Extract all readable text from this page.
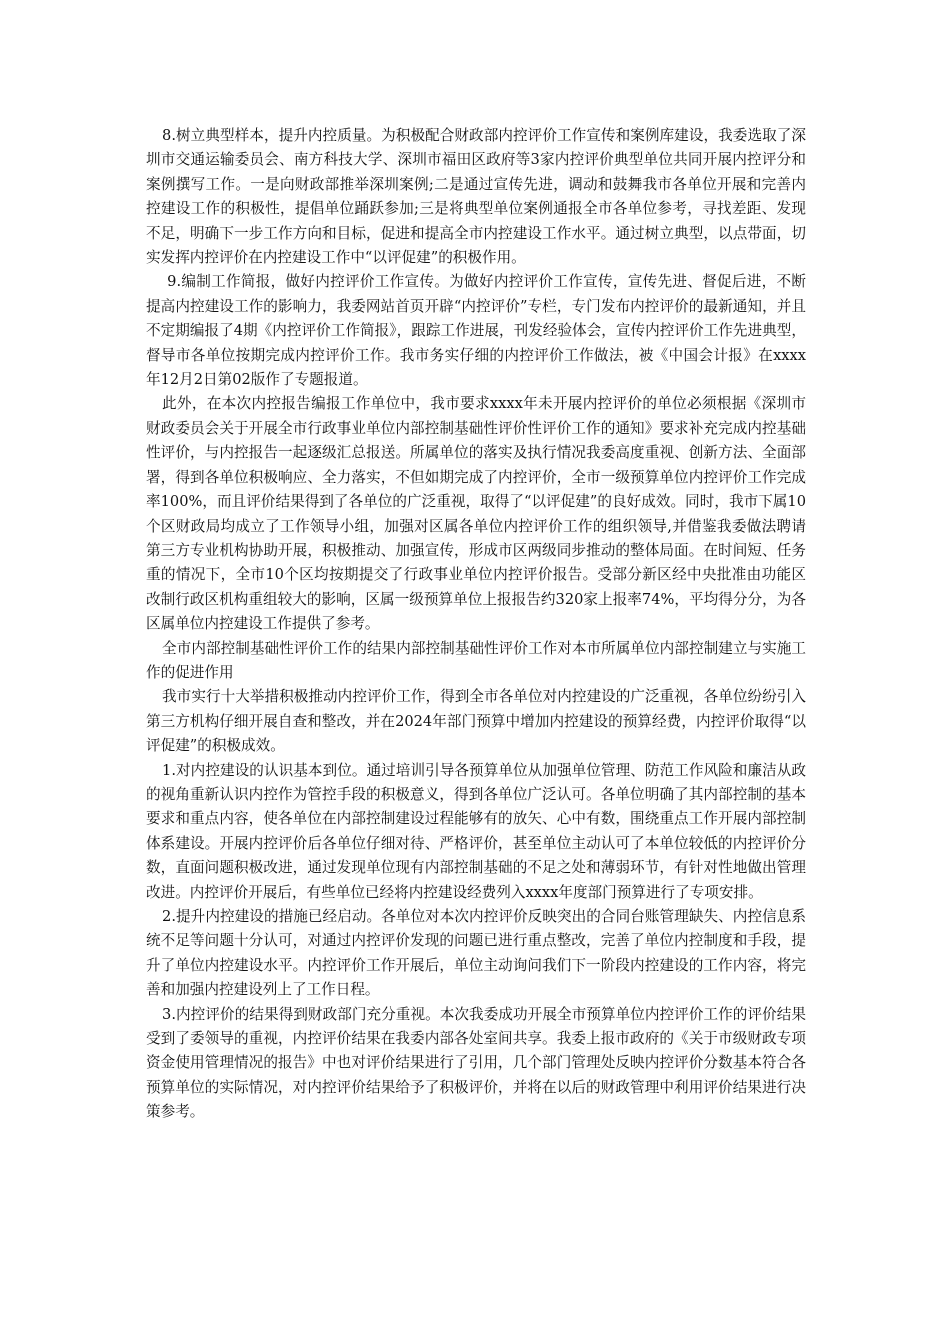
8.树立典型样本，提升内控质量。为积极配合财政部内控评价工作宣传和案例库建设，我委选取了深圳市交通运输委员会、南方科技大学、深圳市福田区政府等3家内控评价典型单位共同开展内控评分和案例撰写工作。一是向财政部推举深圳案例;二是通过宣传先进，调动和鼓舞我市各单位开展和完善内控建设工作的积极性，提倡单位踊跃参加;三是将典型单位案例通报全市各单位参考，寻找差距、发现不足，明确下一步工作方向和目标，促进和提高全市内控建设工作水平。通过树立典型，以点带面，切实发挥内控评价在内控建设工作中“以评促建”的积极作用。

9.编制工作简报，做好内控评价工作宣传。为做好内控评价工作宣传，宣传先进、督促后进，不断提高内控建设工作的影响力，我委网站首页开辟“内控评价”专栏，专门发布内控评价的最新通知，并且不定期编报了4期《内控评价工作简报》，跟踪工作进展，刊发经验体会，宣传内控评价工作先进典型，督导市各单位按期完成内控评价工作。我市务实仔细的内控评价工作做法，被《中国会计报》在xxxx年12月2日第02版作了专题报道。

此外，在本次内控报告编报工作单位中，我市要求xxxx年未开展内控评价的单位必须根据《深圳市财政委员会关于开展全市行政事业单位内部控制基础性评价性评价工作的通知》要求补充完成内控基础性评价，与内控报告一起逐级汇总报送。所属单位的落实及执行情况我委高度重视、创新方法、全面部署，得到各单位积极响应、全力落实，不但如期完成了内控评价，全市一级预算单位内控评价工作完成率100%，而且评价结果得到了各单位的广泛重视，取得了“以评促建”的良好成效。同时，我市下属10个区财政局均成立了工作领导小组，加强对区属各单位内控评价工作的组织领导,并借鉴我委做法聘请第三方专业机构协助开展，积极推动、加强宣传，形成市区两级同步推动的整体局面。在时间短、任务重的情况下，全市10个区均按期提交了行政事业单位内控评价报告。受部分新区经中央批准由功能区改制行政区机构重组较大的影响，区属一级预算单位上报报告约320家上报率74%，平均得分分，为各区属单位内控建设工作提供了参考。

全市内部控制基础性评价工作的结果内部控制基础性评价工作对本市所属单位内部控制建立与实施工作的促进作用

我市实行十大举措积极推动内控评价工作，得到全市各单位对内控建设的广泛重视，各单位纷纷引入第三方机构仔细开展自查和整改，并在2024年部门预算中增加内控建设的预算经费，内控评价取得“以评促建”的积极成效。

1.对内控建设的认识基本到位。通过培训引导各预算单位从加强单位管理、防范工作风险和廉洁从政的视角重新认识内控作为管控手段的积极意义，得到各单位广泛认可。各单位明确了其内部控制的基本要求和重点内容，使各单位在内部控制建设过程能够有的放矢、心中有数，围绕重点工作开展内部控制体系建设。开展内控评价后各单位仔细对待、严格评价，甚至单位主动认可了本单位较低的内控评价分数，直面问题积极改进，通过发现单位现有内部控制基础的不足之处和薄弱环节，有针对性地做出管理改进。内控评价开展后，有些单位已经将内控建设经费列入xxxx年度部门预算进行了专项安排。

2.提升内控建设的措施已经启动。各单位对本次内控评价反映突出的合同台账管理缺失、内控信息系统不足等问题十分认可，对通过内控评价发现的问题已进行重点整改，完善了单位内控制度和手段，提升了单位内控建设水平。内控评价工作开展后，单位主动询问我们下一阶段内控建设的工作内容，将完善和加强内控建设列上了工作日程。

3.内控评价的结果得到财政部门充分重视。本次我委成功开展全市预算单位内控评价工作的评价结果受到了委领导的重视，内控评价结果在我委内部各处室间共享。我委上报市政府的《关于市级财政专项资金使用管理情况的报告》中也对评价结果进行了引用，几个部门管理处反映内控评价分数基本符合各预算单位的实际情况，对内控评价结果给予了积极评价，并将在以后的财政管理中利用评价结果进行决策参考。
